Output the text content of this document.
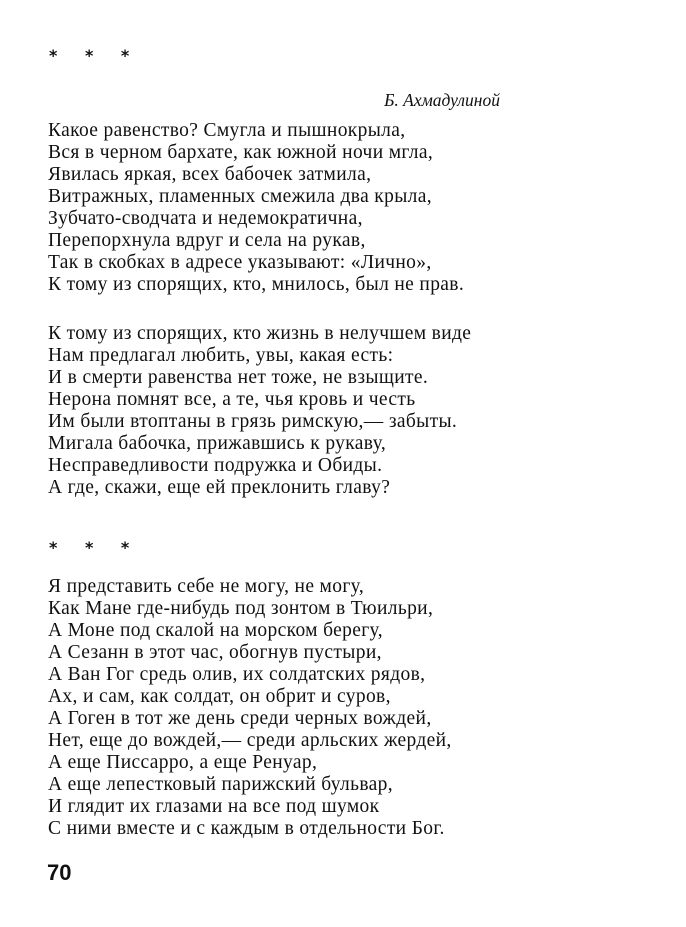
* * *

Б. Ахмадулиной

Какое равенство? Смугла и пышнокрыла,
Вся в черном бархате, как южной ночи мгла,
Явилась яркая, всех бабочек затмила,
Витражных, пламенных смежила два крыла,
Зубчато-сводчата и недемократична,
Перепорхнула вдруг и села на рукав,
Так в скобках в адресе указывают: «Лично»,
К тому из спорящих, кто, мнилось, был не прав.
К тому из спорящих, кто жизнь в нелучшем виде
Нам предлагал любить, увы, какая есть:
И в смерти равенства нет тоже, не взыщите.
Нерона помнят все, а те, чья кровь и честь
Им были втоптаны в грязь римскую,— забыты.
Мигала бабочка, прижавшись к рукаву,
Несправедливости подружка и Обиды.
А где, скажи, еще ей преклонить главу?

* * *

Я представить себе не могу, не могу,
Как Мане где-нибудь под зонтом в Тюильри,
А Моне под скалой на морском берегу,
А Сезанн в этот час, обогнув пустыри,
А Ван Гог средь олив, их солдатских рядов,
Ах, и сам, как солдат, он обрит и суров,
А Гоген в тот же день среди черных вождей,
Нет, еще до вождей,— среди арльских жердей,
А еще Писсарро, а еще Ренуар,
А еще лепестковый парижский бульвар,
И глядит их глазами на все под шумок
С ними вместе и с каждым в отдельности Бог.

70
